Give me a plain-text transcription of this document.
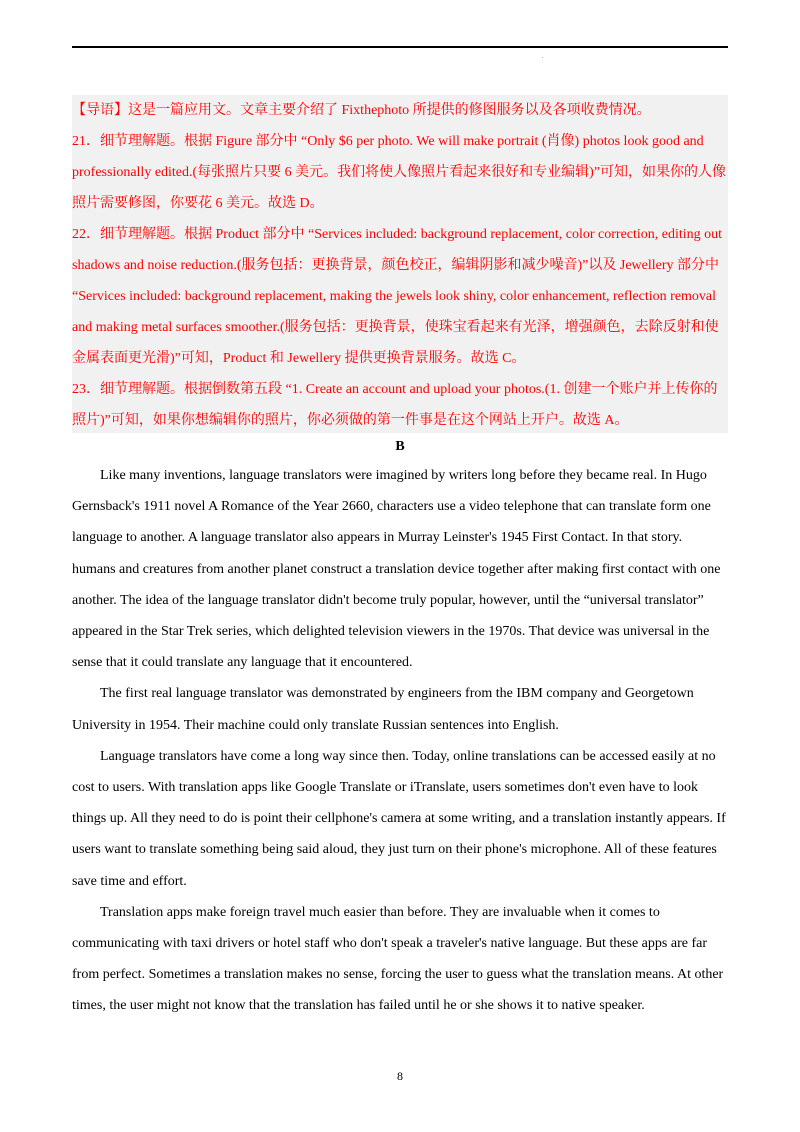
.

【导语】这是一篇应用文。文章主要介绍了 Fixthephoto 所提供的修图服务以及各项收费情况。

21．细节理解题。根据 Figure 部分中 “Only $6 per photo. We will make portrait (肖像) photos look good and professionally edited.(每张照片只要 6 美元。我们将使人像照片看起来很好和专业编辑)”可知，如果你的人像照片需要修图，你要花 6 美元。故选 D。

22．细节理解题。根据 Product 部分中 “Services included: background replacement, color correction, editing out shadows and noise reduction.(服务包括：更换背景，颜色校正，编辑阴影和减少噪音)”以及 Jewellery 部分中 “Services included: background replacement, making the jewels look shiny, color enhancement, reflection removal and making metal surfaces smoother.(服务包括：更换背景，使珠宝看起来有光泽，增强颜色，去除反射和使金属表面更光滑)”可知，Product 和 Jewellery 提供更换背景服务。故选 C。

23．细节理解题。根据倒数第五段 “1. Create an account and upload your photos.(1. 创建一个账户并上传你的照片)”可知，如果你想编辑你的照片，你必须做的第一件事是在这个网站上开户。故选 A。

B

Like many inventions, language translators were imagined by writers long before they became real. In Hugo Gernsback's 1911 novel A Romance of the Year 2660, characters use a video telephone that can translate form one language to another. A language translator also appears in Murray Leinster's 1945 First Contact. In that story. humans and creatures from another planet construct a translation device together after making first contact with one another. The idea of the language translator didn't become truly popular, however, until the “universal translator” appeared in the Star Trek series, which delighted television viewers in the 1970s. That device was universal in the sense that it could translate any language that it encountered.

The first real language translator was demonstrated by engineers from the IBM company and Georgetown University in 1954. Their machine could only translate Russian sentences into English.

Language translators have come a long way since then. Today, online translations can be accessed easily at no cost to users. With translation apps like Google Translate or iTranslate, users sometimes don't even have to look things up. All they need to do is point their cellphone's camera at some writing, and a translation instantly appears. If users want to translate something being said aloud, they just turn on their phone's microphone. All of these features save time and effort.

Translation apps make foreign travel much easier than before. They are invaluable when it comes to communicating with taxi drivers or hotel staff who don't speak a traveler's native language. But these apps are far from perfect. Sometimes a translation makes no sense, forcing the user to guess what the translation means. At other times, the user might not know that the translation has failed until he or she shows it to native speaker.

8
